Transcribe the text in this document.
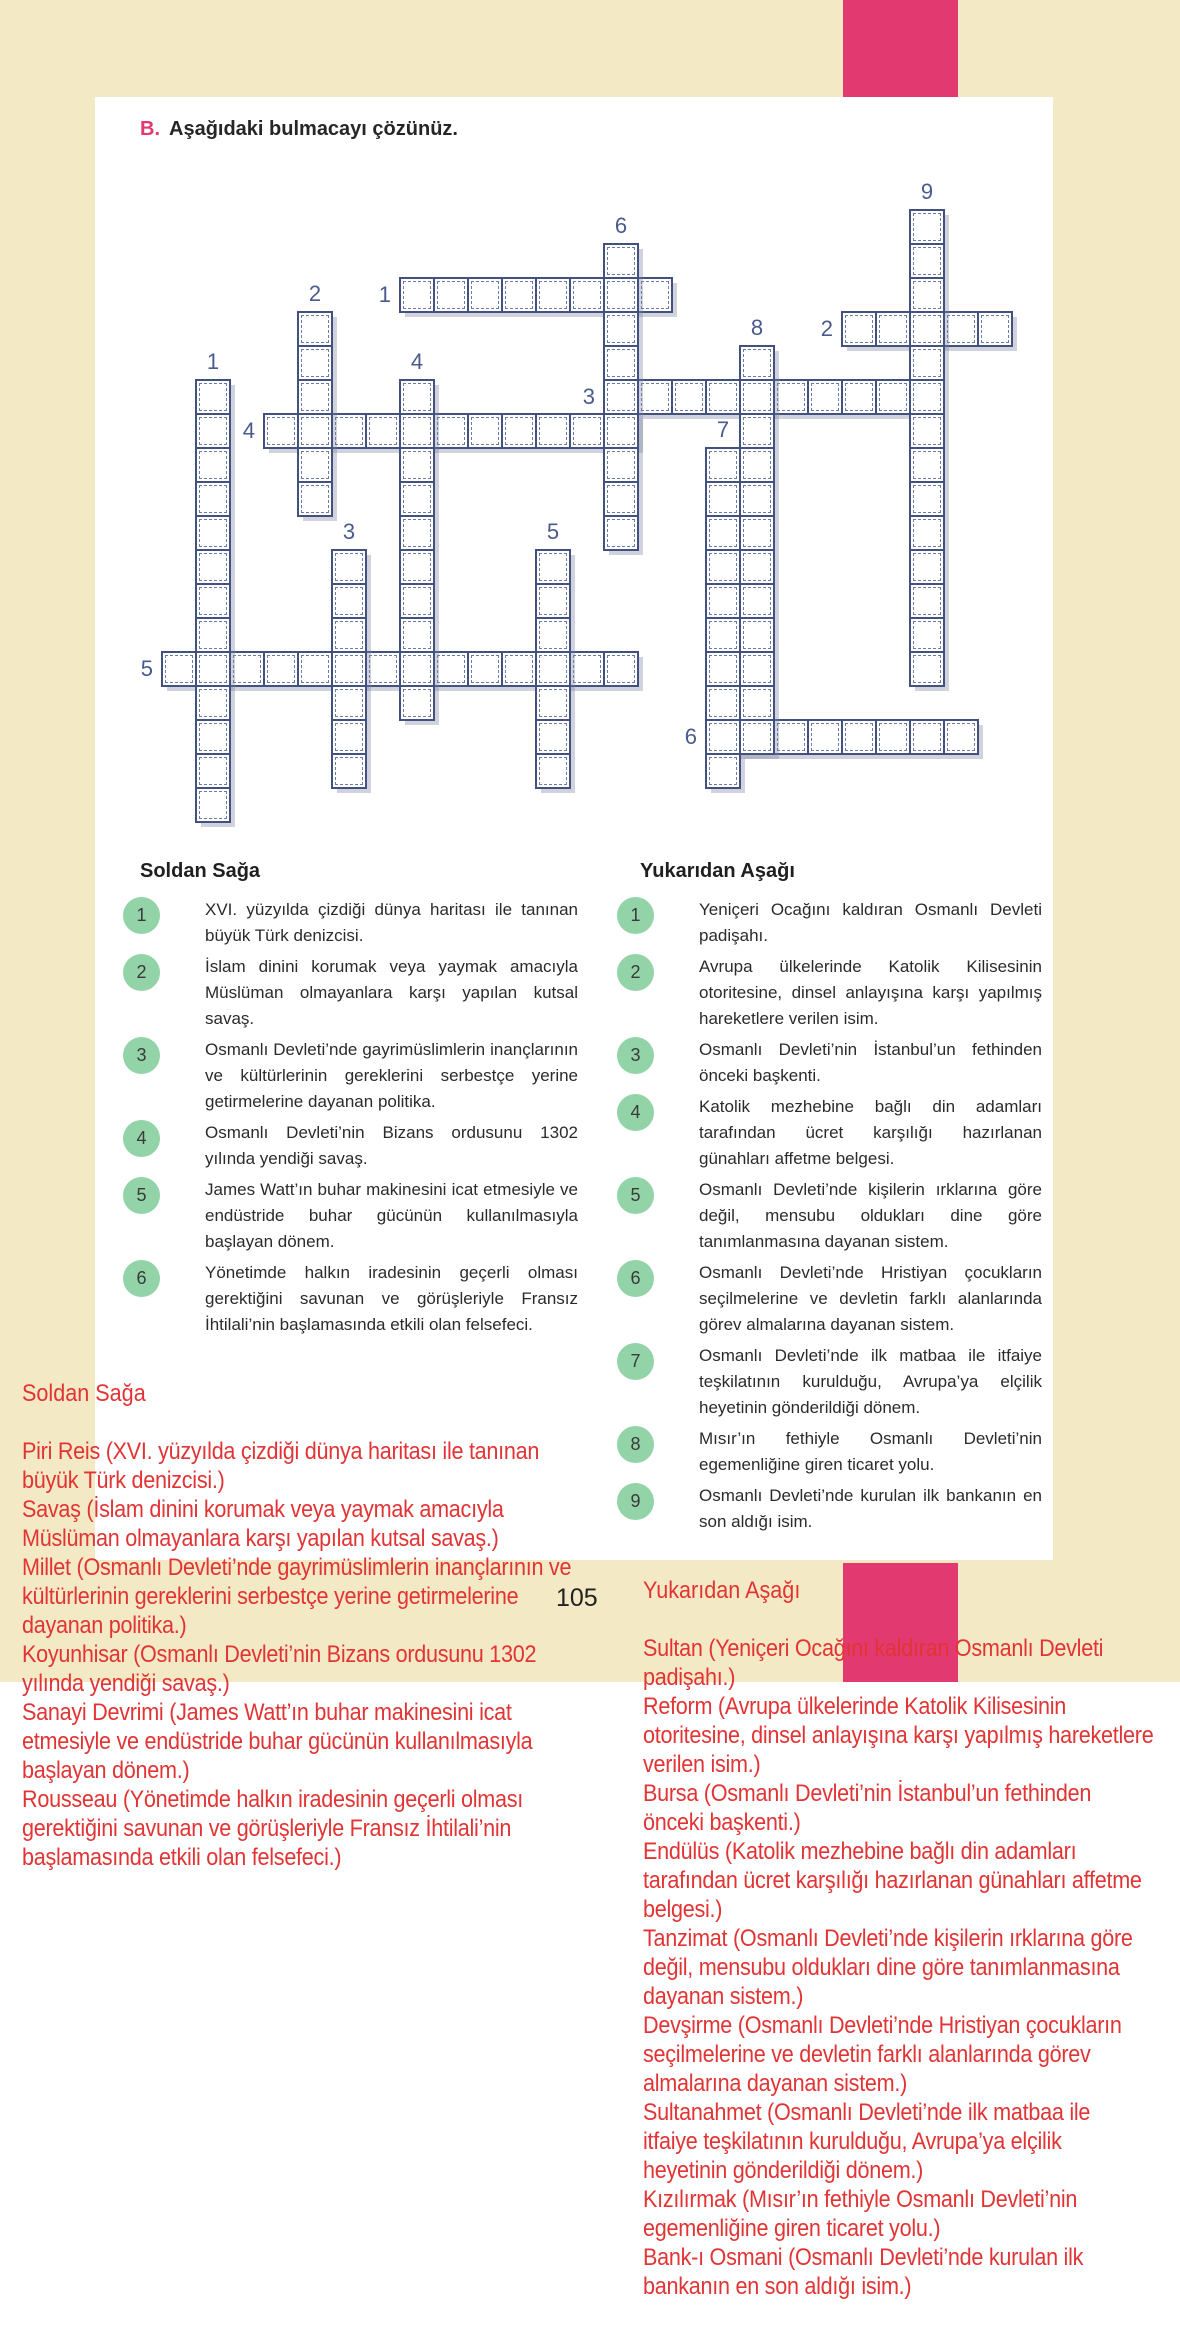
B. Aşağıdaki bulmacayı çözünüz.
1
2
3
4
5
6
1
2
3
4
5
6
7
8
9
Soldan Sağa
1	XVI. yüzyılda çizdiği dünya haritası ile tanınan büyük Türk denizcisi.
2	İslam dinini korumak veya yaymak amacıyla Müslüman olmayanlara karşı yapılan kutsal savaş.
3	Osmanlı Devleti’nde gayrimüslimlerin inançlarının ve kültürlerinin gereklerini serbestçe yerine getirmelerine dayanan politika.
4	Osmanlı Devleti’nin Bizans ordusunu 1302 yılında yendiği savaş.
5	James Watt’ın buhar makinesini icat etmesiyle ve endüstride buhar gücünün kullanılmasıyla başlayan dönem.
6	Yönetimde halkın iradesinin geçerli olması gerektiğini savunan ve görüşleriyle Fransız İhtilali’nin başlamasında etkili olan felsefeci.
Yukarıdan Aşağı
1	Yeniçeri Ocağını kaldıran Osmanlı Devleti padişahı.
2	Avrupa ülkelerinde Katolik Kilisesinin otoritesine, dinsel anlayışına karşı yapılmış hareketlere verilen isim.
3	Osmanlı Devleti’nin İstanbul’un fethinden önceki başkenti.
4	Katolik mezhebine bağlı din adamları tarafından ücret karşılığı hazırlanan günahları affetme belgesi.
5	Osmanlı Devleti’nde kişilerin ırklarına göre değil, mensubu oldukları dine göre tanımlanmasına dayanan sistem.
6	Osmanlı Devleti’nde Hristiyan çocukların seçilmelerine ve devletin farklı alanlarında görev almalarına dayanan sistem.
7	Osmanlı Devleti’nde ilk matbaa ile itfaiye teşkilatının kurulduğu, Avrupa’ya elçilik heyetinin gönderildiği dönem.
8	Mısır’ın fethiyle Osmanlı Devleti’nin egemenliğine giren ticaret yolu.
9	Osmanlı Devleti’nde kurulan ilk bankanın en son aldığı isim.
105
Soldan Sağa
Piri Reis (XVI. yüzyılda çizdiği dünya haritası ile tanınan
büyük Türk denizcisi.)
Savaş (İslam dinini korumak veya yaymak amacıyla
Müslüman olmayanlara karşı yapılan kutsal savaş.)
Millet (Osmanlı Devleti’nde gayrimüslimlerin inançlarının ve
kültürlerinin gereklerini serbestçe yerine getirmelerine
dayanan politika.)
Koyunhisar (Osmanlı Devleti’nin Bizans ordusunu 1302
yılında yendiği savaş.)
Sanayi Devrimi (James Watt’ın buhar makinesini icat
etmesiyle ve endüstride buhar gücünün kullanılmasıyla
başlayan dönem.)
Rousseau (Yönetimde halkın iradesinin geçerli olması
gerektiğini savunan ve görüşleriyle Fransız İhtilali’nin
başlamasında etkili olan felsefeci.)
Yukarıdan Aşağı
Sultan (Yeniçeri Ocağını kaldıran Osmanlı Devleti
padişahı.)
Reform (Avrupa ülkelerinde Katolik Kilisesinin
otoritesine, dinsel anlayışına karşı yapılmış hareketlere
verilen isim.)
Bursa (Osmanlı Devleti’nin İstanbul’un fethinden
önceki başkenti.)
Endülüs (Katolik mezhebine bağlı din adamları
tarafından ücret karşılığı hazırlanan günahları affetme
belgesi.)
Tanzimat (Osmanlı Devleti’nde kişilerin ırklarına göre
değil, mensubu oldukları dine göre tanımlanmasına
dayanan sistem.)
Devşirme (Osmanlı Devleti’nde Hristiyan çocukların
seçilmelerine ve devletin farklı alanlarında görev
almalarına dayanan sistem.)
Sultanahmet (Osmanlı Devleti’nde ilk matbaa ile
itfaiye teşkilatının kurulduğu, Avrupa’ya elçilik
heyetinin gönderildiği dönem.)
Kızılırmak (Mısır’ın fethiyle Osmanlı Devleti’nin
egemenliğine giren ticaret yolu.)
Bank-ı Osmani (Osmanlı Devleti’nde kurulan ilk
bankanın en son aldığı isim.)
